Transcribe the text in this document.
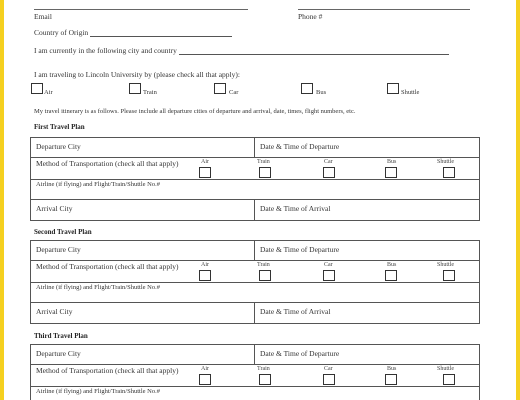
Email	Phone #
Country of Origin
I am currently in the following city and country
I am traveling to Lincoln University by (please check all that apply):
Air	Train	Car	Bus	Shuttle
My travel itinerary is as follows. Please include all departure cities of departure and arrival, date, times, flight numbers, etc.
First Travel Plan
Departure City	Date & Time of Departure
Method of Transportation (check all that apply)	Air	Train	Car	Bus	Shuttle
Airline (if flying) and Flight/Train/Shuttle No.#
Arrival City	Date & Time of Arrival
Second Travel Plan
Departure City	Date & Time of Departure
Method of Transportation (check all that apply)	Air	Train	Car	Bus	Shuttle
Airline (if flying) and Flight/Train/Shuttle No.#
Arrival City	Date & Time of Arrival
Third Travel Plan
Departure City	Date & Time of Departure
Method of Transportation (check all that apply)	Air	Train	Car	Bus	Shuttle
Airline (if flying) and Flight/Train/Shuttle No.#
